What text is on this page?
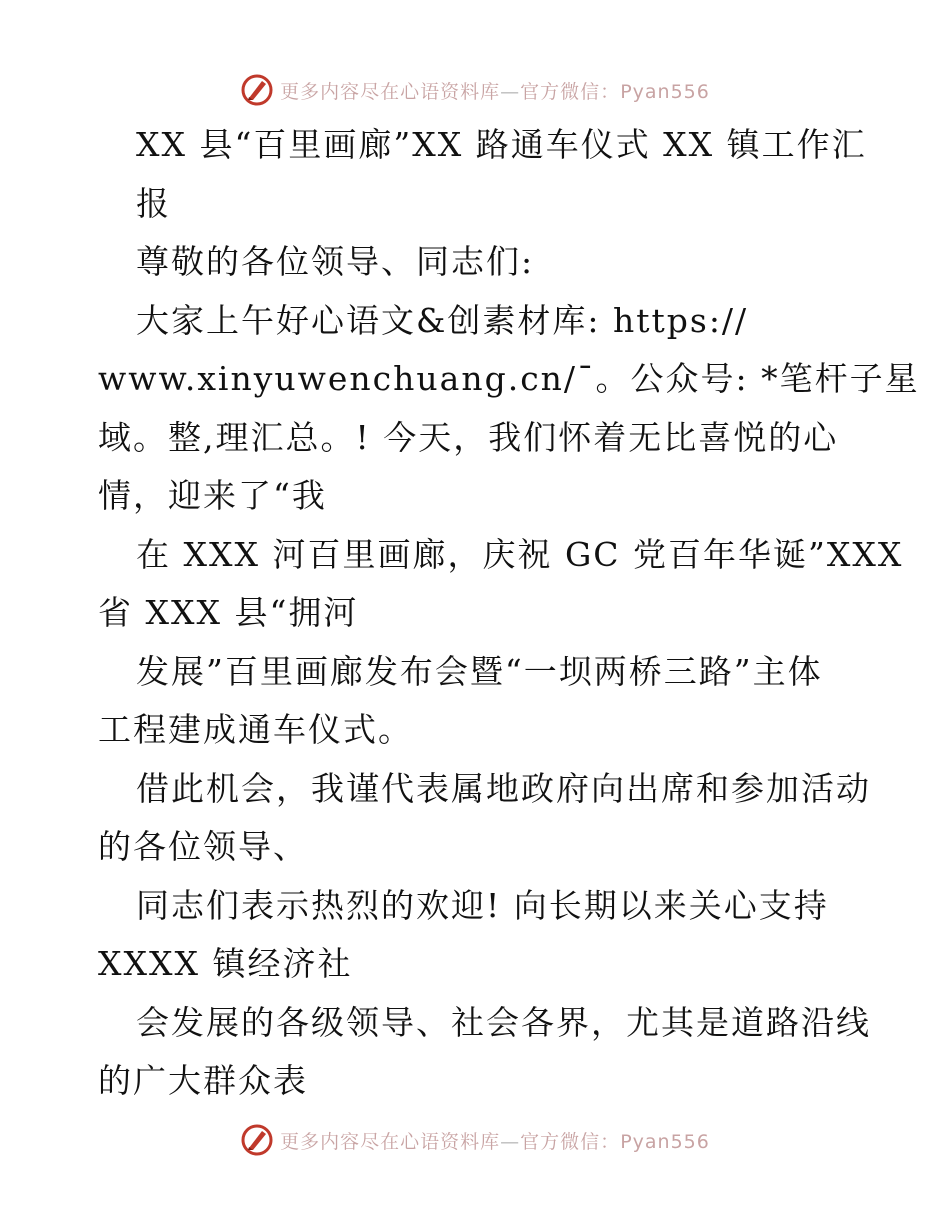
更多内容尽在心语资料库—官方微信：Pyan556
XX 县“百里画廊”XX 路通车仪式 XX 镇工作汇
报
尊敬的各位领导、同志们:
大家上午好心语文&创素材库: https://
www.xinyuwenchuang.cn/¯。公众号: *笔杆子星
域。整,理汇总。! 今天，我们怀着无比喜悦的心
情，迎来了“我
在 XXX 河百里画廊，庆祝 GC 党百年华诞”XXX
省 XXX 县“拥河
发展”百里画廊发布会暨“一坝两桥三路”主体
工程建成通车仪式。
借此机会，我谨代表属地政府向出席和参加活动
的各位领导、
同志们表示热烈的欢迎! 向长期以来关心支持
XXXX 镇经济社
会发展的各级领导、社会各界，尤其是道路沿线
的广大群众表
更多内容尽在心语资料库—官方微信：Pyan556
